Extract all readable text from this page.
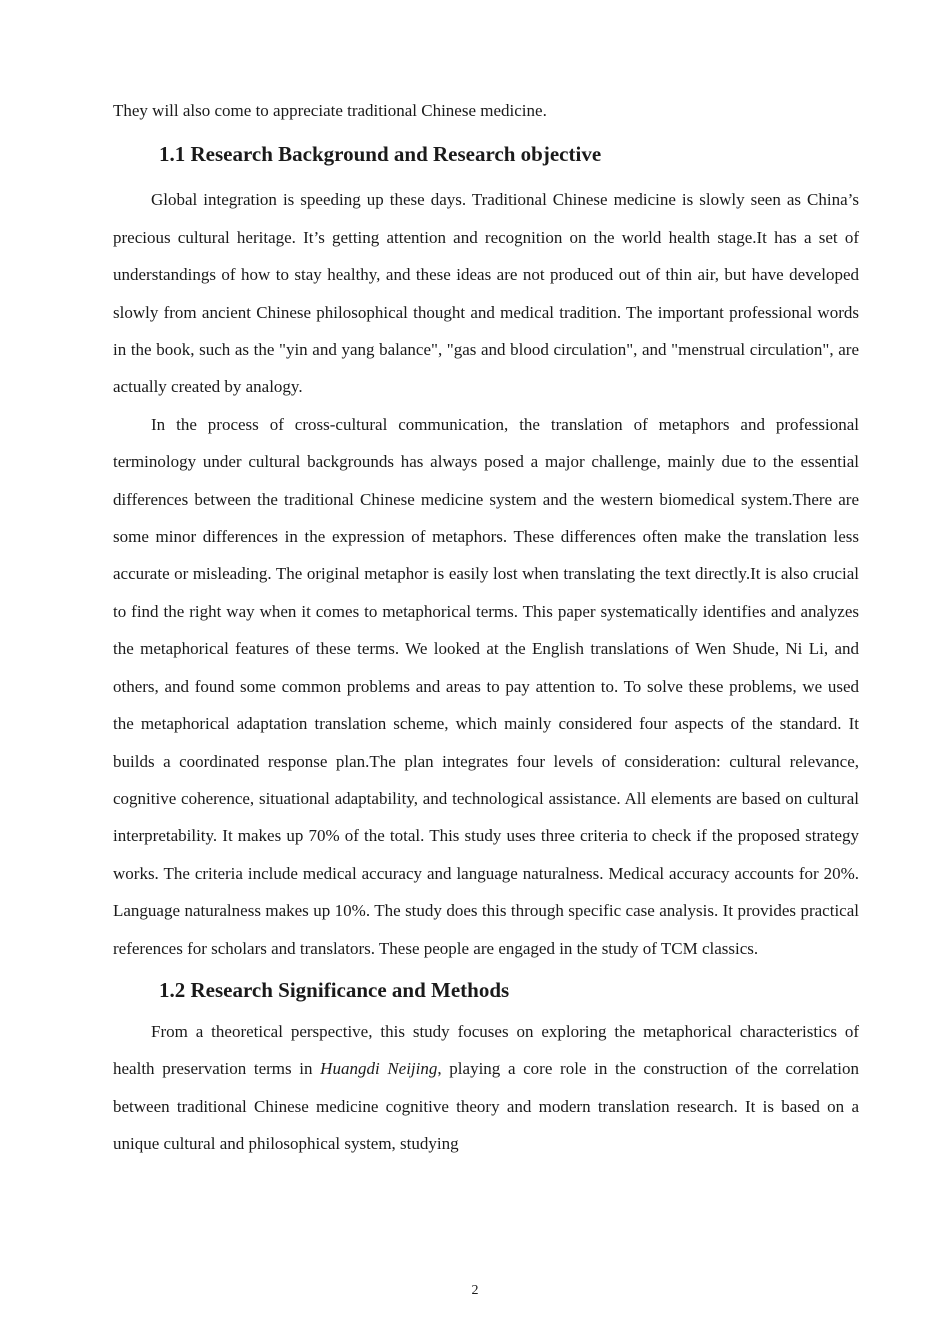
They will also come to appreciate traditional Chinese medicine.

1.1 Research Background and Research objective

Global integration is speeding up these days. Traditional Chinese medicine is slowly seen as China’s precious cultural heritage. It’s getting attention and recognition on the world health stage.It has a set of understandings of how to stay healthy, and these ideas are not produced out of thin air, but have developed slowly from ancient Chinese philosophical thought and medical tradition. The important professional words in the book, such as the "yin and yang balance", "gas and blood circulation", and "menstrual circulation", are actually created by analogy.

In the process of cross-cultural communication, the translation of metaphors and professional terminology under cultural backgrounds has always posed a major challenge, mainly due to the essential differences between the traditional Chinese medicine system and the western biomedical system.There are some minor differences in the expression of metaphors. These differences often make the translation less accurate or misleading. The original metaphor is easily lost when translating the text directly.It is also crucial to find the right way when it comes to metaphorical terms. This paper systematically identifies and analyzes the metaphorical features of these terms. We looked at the English translations of Wen Shude, Ni Li, and others, and found some common problems and areas to pay attention to. To solve these problems, we used the metaphorical adaptation translation scheme, which mainly considered four aspects of the standard. It builds a coordinated response plan.The plan integrates four levels of consideration: cultural relevance, cognitive coherence, situational adaptability, and technological assistance. All elements are based on cultural interpretability. It makes up 70% of the total. This study uses three criteria to check if the proposed strategy works. The criteria include medical accuracy and language naturalness. Medical accuracy accounts for 20%. Language naturalness makes up 10%. The study does this through specific case analysis. It provides practical references for scholars and translators. These people are engaged in the study of TCM classics.

1.2 Research Significance and Methods

From a theoretical perspective, this study focuses on exploring the metaphorical characteristics of health preservation terms in Huangdi Neijing, playing a core role in the construction of the correlation between traditional Chinese medicine cognitive theory and modern translation research. It is based on a unique cultural and philosophical system, studying

2
